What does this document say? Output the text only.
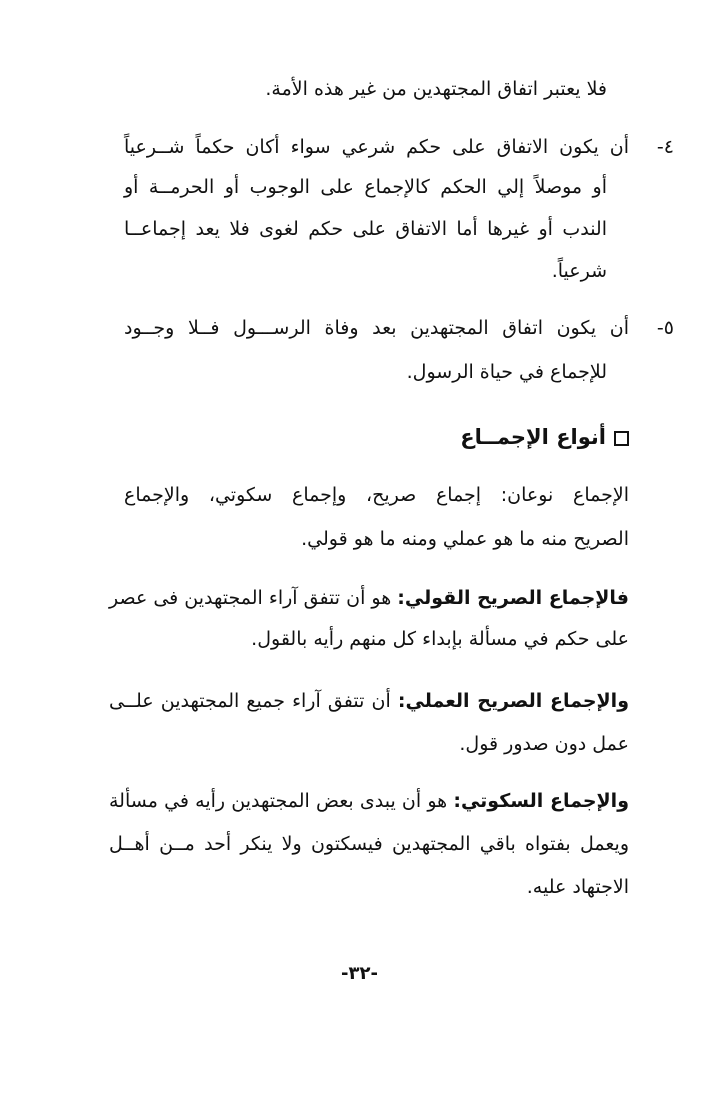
فلا يعتبر اتفاق المجتهدين من غير هذه الأمة.
٤-
أن يكون الاتفاق على حكم شرعي سواء أكان حكماً شــرعياً
أو موصلاً إلي الحكم كالإجماع على الوجوب أو الحرمــة أو
الندب أو غيرها أما الاتفاق على حكم لغوى فلا يعد إجماعــا
شرعياً.
٥-
أن يكون اتفاق المجتهدين بعد وفاة الرســـول فــلا وجــود
للإجماع في حياة الرسول.
أنواع الإجمــاع
الإجماع نوعان: إجماع صريح، وإجماع سكوتي، والإجماع
الصريح منه ما هو عملي ومنه ما هو قولي.
فالإجماع الصريح القولي: هو أن تتفق آراء المجتهدين فى عصر
على حكم في مسألة بإبداء كل منهم رأيه بالقول.
والإجماع الصريح العملي: أن تتفق آراء جميع المجتهدين علــى
عمل دون صدور قول.
والإجماع السكوتي: هو أن يبدى بعض المجتهدين رأيه في مسألة
ويعمل بفتواه باقي المجتهدين فيسكتون ولا ينكر أحد مــن أهــل
الاجتهاد عليه.
-٣٢-
